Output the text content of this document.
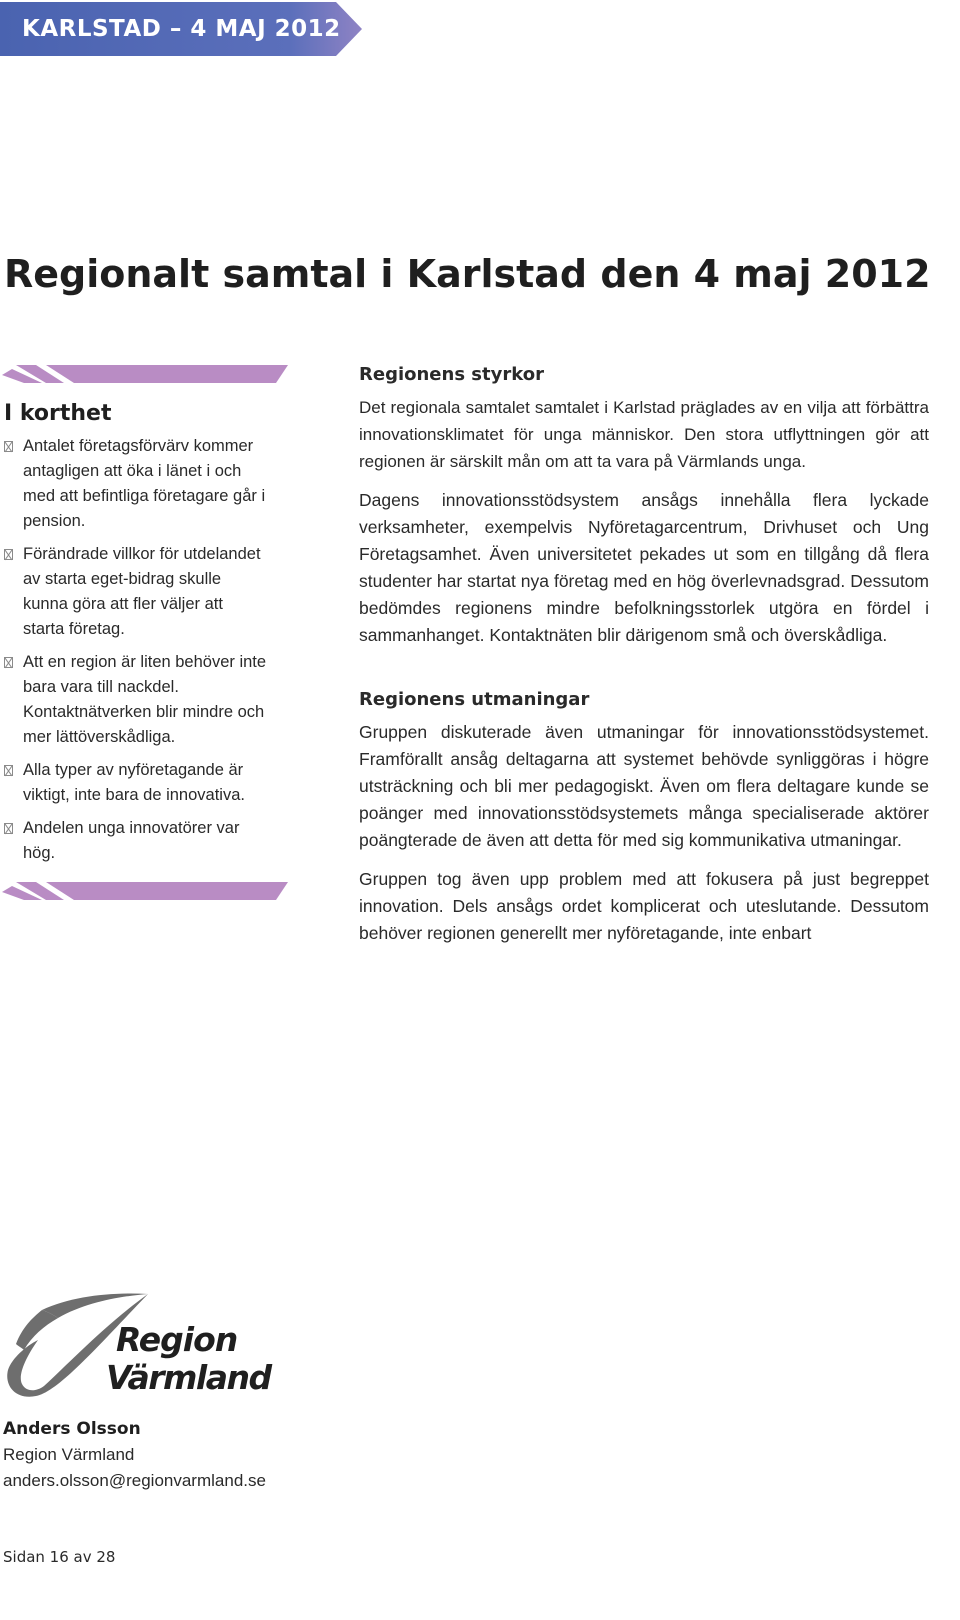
KARLSTAD – 4 MAJ 2012
Regionalt samtal i Karlstad den 4 maj 2012
I korthet
Antalet företagsförvärv kommer antagligen att öka i länet i och med att befintliga företagare går i pension.
Förändrade villkor för utdelandet av starta eget-bidrag skulle kunna göra att fler väljer att starta företag.
Att en region är liten behöver inte bara vara till nackdel. Kontaktnätverken blir mindre och mer lättöverskådliga.
Alla typer av nyföretagande är viktigt, inte bara de innovativa.
Andelen unga innovatörer var hög.
Regionens styrkor

Det regionala samtalet samtalet i Karlstad präglades av en vilja att förbättra innovationsklimatet för unga människor. Den stora utflyttningen gör att regionen är särskilt mån om att ta vara på Värmlands unga.

Dagens innovationsstödsystem ansågs innehålla flera lyckade verksamheter, exempelvis Nyföretagarcentrum, Drivhuset och Ung Företagsamhet. Även universitetet pekades ut som en tillgång då flera studenter har startat nya företag med en hög överlevnadsgrad. Dessutom bedömdes regionens mindre befolkningsstorlek utgöra en fördel i sammanhanget. Kontaktnäten blir därigenom små och överskådliga.

Regionens utmaningar

Gruppen diskuterade även utmaningar för innovationsstödsystemet. Framförallt ansåg deltagarna att systemet behövde synliggöras i högre utsträckning och bli mer pedagogiskt. Även om flera deltagare kunde se poänger med innovationsstödsystemets många specialiserade aktörer poängterade de även att detta för med sig kommunikativa utmaningar.

Gruppen tog även upp problem med att fokusera på just begreppet innovation. Dels ansågs ordet komplicerat och uteslutande. Dessutom behöver regionen generellt mer nyföretagande, inte enbart

Region
Värmland
Anders Olsson
Region Värmland
anders.olsson@regionvarmland.se
Sidan 16 av 28
